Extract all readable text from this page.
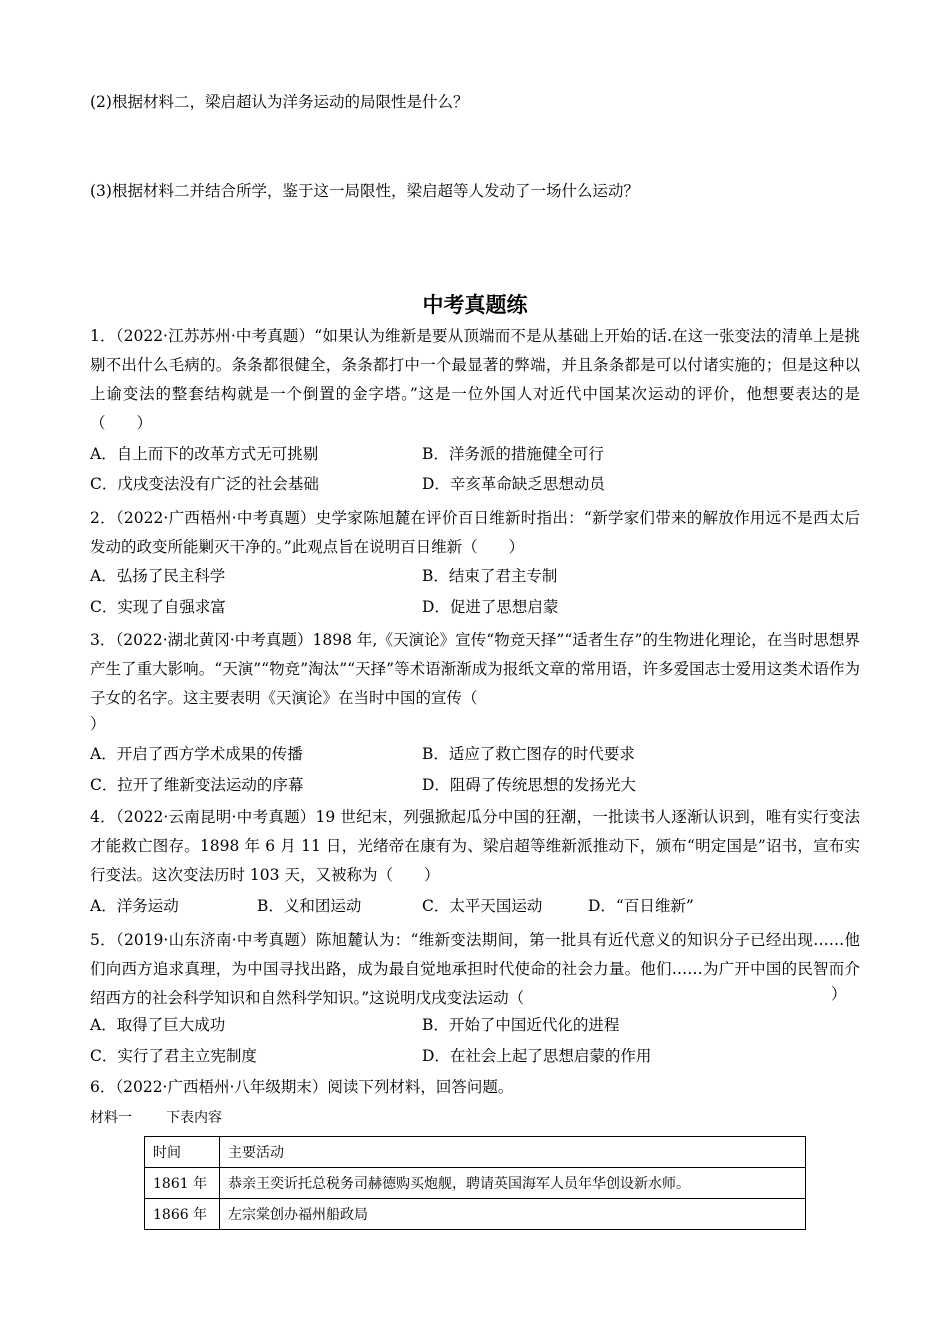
(2)根据材料二，梁启超认为洋务运动的局限性是什么？
(3)根据材料二并结合所学，鉴于这一局限性，梁启超等人发动了一场什么运动？
中考真题练
1．（2022·江苏苏州·中考真题）“如果认为维新是要从顶端而不是从基础上开始的话.在这一张变法的清单上是挑剔不出什么毛病的。条条都很健全，条条都打中一个最显著的弊端，并且条条都是可以付诸实施的；但是这种以上谕变法的整套结构就是一个倒置的金字塔。”这是一位外国人对近代中国某次运动的评价，他想要表达的是（　　）
A．自上而下的改革方式无可挑剔	B．洋务派的措施健全可行
C．戊戌变法没有广泛的社会基础	D．辛亥革命缺乏思想动员
2．（2022·广西梧州·中考真题）史学家陈旭麓在评价百日维新时指出：“新学家们带来的解放作用远不是西太后发动的政变所能剿灭干净的。”此观点旨在说明百日维新（　　）
A．弘扬了民主科学	B．结束了君主专制
C．实现了自强求富	D．促进了思想启蒙
3．（2022·湖北黄冈·中考真题）1898 年,《天演论》宣传“物竞天择”“适者生存”的生物进化理论，在当时思想界产生了重大影响。“天演”“物竞”淘汰”“天择”等术语渐渐成为报纸文章的常用语，许多爱国志士爱用这类术语作为子女的名字。这主要表明《天演论》在当时中国的宣传（
）
A．开启了西方学术成果的传播	B．适应了救亡图存的时代要求
C．拉开了维新变法运动的序幕	D．阻碍了传统思想的发扬光大
4．（2022·云南昆明·中考真题）19 世纪末，列强掀起瓜分中国的狂潮，一批读书人逐渐认识到，唯有实行变法才能救亡图存。1898 年 6 月 11 日，光绪帝在康有为、梁启超等维新派推动下，颁布“明定国是”诏书，宣布实行变法。这次变法历时 103 天，又被称为（　　）
A．洋务运动	B．义和团运动	C．太平天国运动	D．“百日维新”
5．（2019·山东济南·中考真题）陈旭麓认为：“维新变法期间，第一批具有近代意义的知识分子已经出现……他们向西方追求真理，为中国寻找出路，成为最自觉地承担时代使命的社会力量。他们……为广开中国的民智而介绍西方的社会科学知识和自然科学知识。”这说明戊戌变法运动（	）
A．取得了巨大成功	B．开始了中国近代化的进程
C．实行了君主立宪制度	D．在社会上起了思想启蒙的作用
6．（2022·广西梧州·八年级期末）阅读下列材料，回答问题。
材料一 下表内容
时间	主要活动
1861 年	恭亲王奕䜣托总税务司赫德购买炮舰，聘请英国海军人员年华创设新水师。
1866 年	左宗棠创办福州船政局
